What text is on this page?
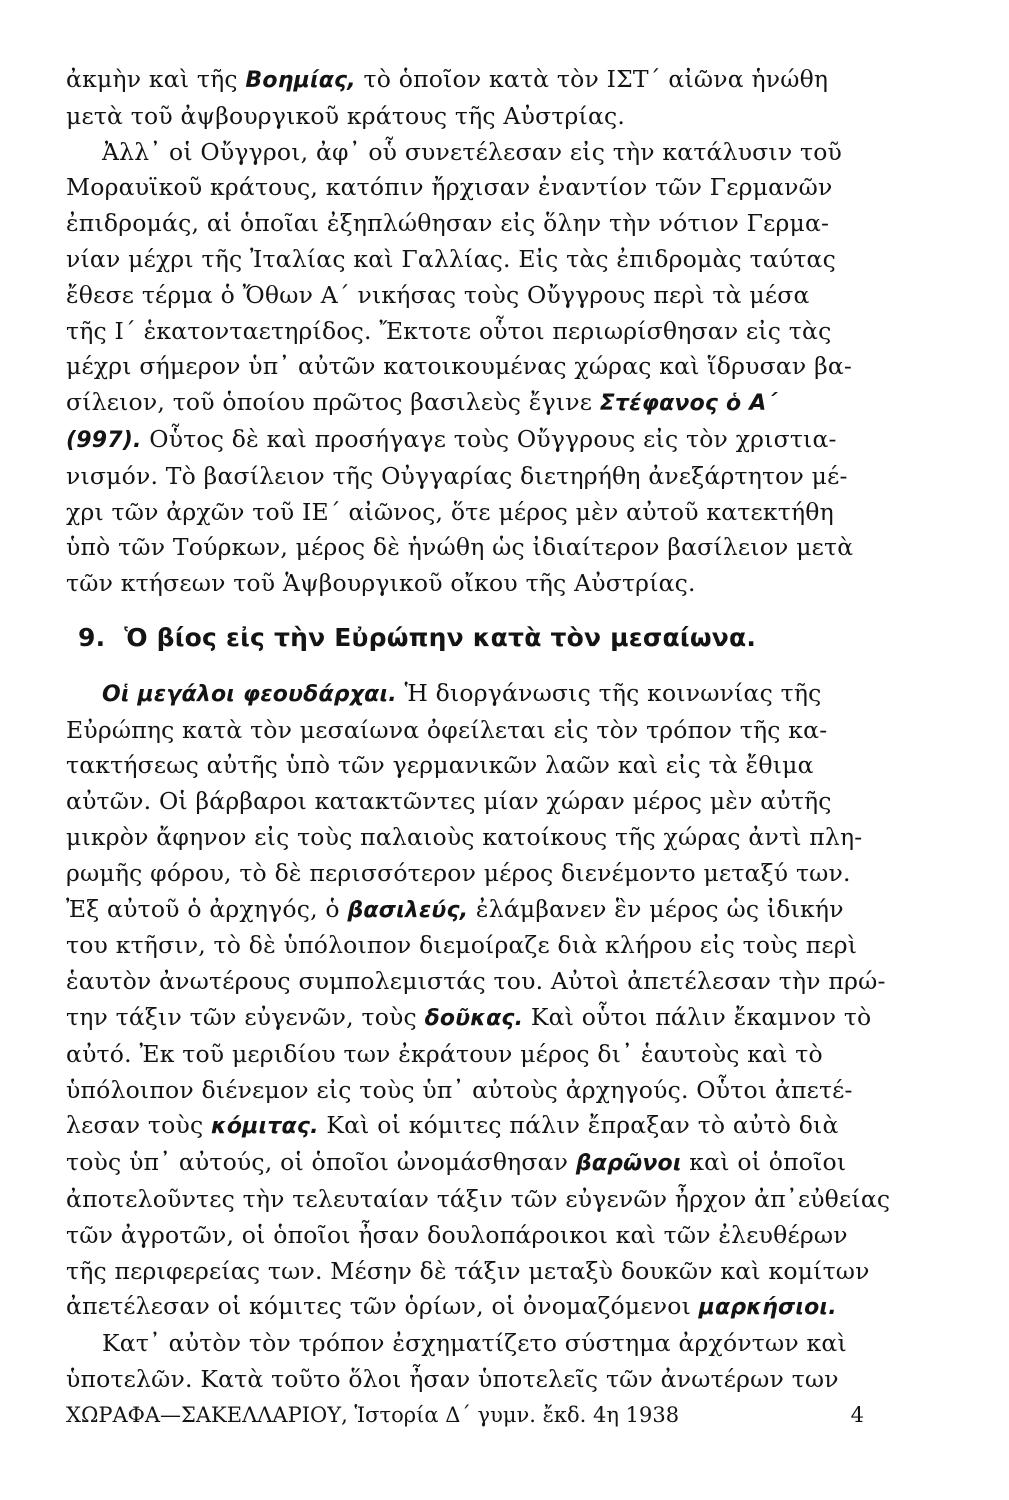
ἀκμὴν καὶ τῆς Βοημίας, τὸ ὁποῖον κατὰ τὸν ΙΣΤ΄ αἰῶνα ἡνώθη
μετὰ τοῦ ἀψβουργικοῦ κράτους τῆς Αὐστρίας.

Ἀλλ᾽ οἱ Οὔγγροι, ἀφ᾽ οὗ συνετέλεσαν εἰς τὴν κατάλυσιν τοῦ
Μοραυϊκοῦ κράτους, κατόπιν ἤρχισαν ἐναντίον τῶν Γερμανῶν
ἐπιδρομάς, αἱ ὁποῖαι ἐξηπλώθησαν εἰς ὅλην τὴν νότιον Γερμα-
νίαν μέχρι τῆς Ἰταλίας καὶ Γαλλίας. Εἰς τὰς ἐπιδρομὰς ταύτας
ἔθεσε τέρμα ὁ Ὄθων Α΄ νικήσας τοὺς Οὔγγρους περὶ τὰ μέσα
τῆς Ι΄ ἑκατονταετηρίδος. Ἔκτοτε οὗτοι περιωρίσθησαν εἰς τὰς
μέχρι σήμερον ὑπ᾽ αὐτῶν κατοικουμένας χώρας καὶ ἵδρυσαν βα-
σίλειον, τοῦ ὁποίου πρῶτος βασιλεὺς ἔγινε Στέφανος ὁ Α΄
(997). Οὗτος δὲ καὶ προσήγαγε τοὺς Οὔγγρους εἰς τὸν χριστια-
νισμόν. Τὸ βασίλειον τῆς Οὐγγαρίας διετηρήθη ἀνεξάρτητον μέ-
χρι τῶν ἀρχῶν τοῦ ΙΕ΄ αἰῶνος, ὅτε μέρος μὲν αὐτοῦ κατεκτήθη
ὑπὸ τῶν Τούρκων, μέρος δὲ ἡνώθη ὡς ἰδιαίτερον βασίλειον μετὰ
τῶν κτήσεων τοῦ Ἁψβουργικοῦ οἴκου τῆς Αὐστρίας.

9. Ὁ βίος εἰς τὴν Εὐρώπην κατὰ τὸν μεσαίωνα.

Οἱ μεγάλοι φεουδάρχαι. Ἡ διοργάνωσις τῆς κοινωνίας τῆς
Εὐρώπης κατὰ τὸν μεσαίωνα ὀφείλεται εἰς τὸν τρόπον τῆς κα-
τακτήσεως αὐτῆς ὑπὸ τῶν γερμανικῶν λαῶν καὶ εἰς τὰ ἔθιμα
αὐτῶν. Οἱ βάρβαροι κατακτῶντες μίαν χώραν μέρος μὲν αὐτῆς
μικρὸν ἄφηνον εἰς τοὺς παλαιοὺς κατοίκους τῆς χώρας ἀντὶ πλη-
ρωμῆς φόρου, τὸ δὲ περισσότερον μέρος διενέμοντο μεταξύ των.
Ἐξ αὐτοῦ ὁ ἀρχηγός, ὁ βασιλεύς, ἐλάμβανεν ἓν μέρος ὡς ἰδικήν
του κτῆσιν, τὸ δὲ ὑπόλοιπον διεμοίραζε διὰ κλήρου εἰς τοὺς περὶ
ἑαυτὸν ἀνωτέρους συμπολεμιστάς του. Αὐτοὶ ἀπετέλεσαν τὴν πρώ-
την τάξιν τῶν εὐγενῶν, τοὺς δοῦκας. Καὶ οὗτοι πάλιν ἔκαμνον τὸ
αὐτό. Ἐκ τοῦ μεριδίου των ἐκράτουν μέρος δι᾽ ἑαυτοὺς καὶ τὸ
ὑπόλοιπον διένεμον εἰς τοὺς ὑπ᾽ αὐτοὺς ἀρχηγούς. Οὗτοι ἀπετέ-
λεσαν τοὺς κόμιτας. Καὶ οἱ κόμιτες πάλιν ἔπραξαν τὸ αὐτὸ διὰ
τοὺς ὑπ᾽ αὐτούς, οἱ ὁποῖοι ὠνομάσθησαν βαρῶνοι καὶ οἱ ὁποῖοι
ἀποτελοῦντες τὴν τελευταίαν τάξιν τῶν εὐγενῶν ἦρχον ἀπ᾽εὐθείας
τῶν ἀγροτῶν, οἱ ὁποῖοι ἦσαν δουλοπάροικοι καὶ τῶν ἐλευθέρων
τῆς περιφερείας των. Μέσην δὲ τάξιν μεταξὺ δουκῶν καὶ κομίτων
ἀπετέλεσαν οἱ κόμιτες τῶν ὁρίων, οἱ ὀνομαζόμενοι μαρκήσιοι.

Κατ᾽ αὐτὸν τὸν τρόπον ἐσχηματίζετο σύστημα ἀρχόντων καὶ
ὑποτελῶν. Κατὰ τοῦτο ὅλοι ἦσαν ὑποτελεῖς τῶν ἀνωτέρων των

ΧΩΡΑΦΑ—ΣΑΚΕΛΛΑΡΙΟΥ, Ἱστορία Δ΄ γυμν. ἔκδ. 4η 1938	4
